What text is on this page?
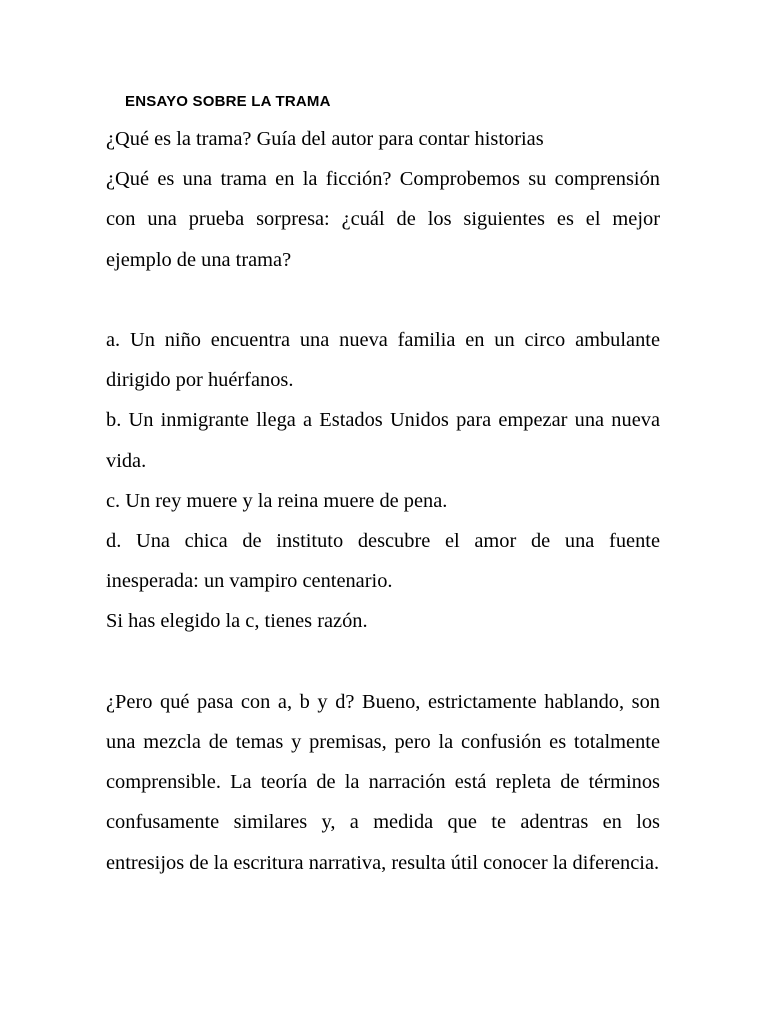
ENSAYO SOBRE LA TRAMA

¿Qué es la trama? Guía del autor para contar historias

¿Qué es una trama en la ficción? Comprobemos su comprensión con una prueba sorpresa: ¿cuál de los siguientes es el mejor ejemplo de una trama?

a. Un niño encuentra una nueva familia en un circo ambulante dirigido por huérfanos.

b. Un inmigrante llega a Estados Unidos para empezar una nueva vida.

c. Un rey muere y la reina muere de pena.

d. Una chica de instituto descubre el amor de una fuente inesperada: un vampiro centenario.

Si has elegido la c, tienes razón.

¿Pero qué pasa con a, b y d? Bueno, estrictamente hablando, son una mezcla de temas y premisas, pero la confusión es totalmente comprensible. La teoría de la narración está repleta de términos confusamente similares y, a medida que te adentras en los entresijos de la escritura narrativa, resulta útil conocer la diferencia.
